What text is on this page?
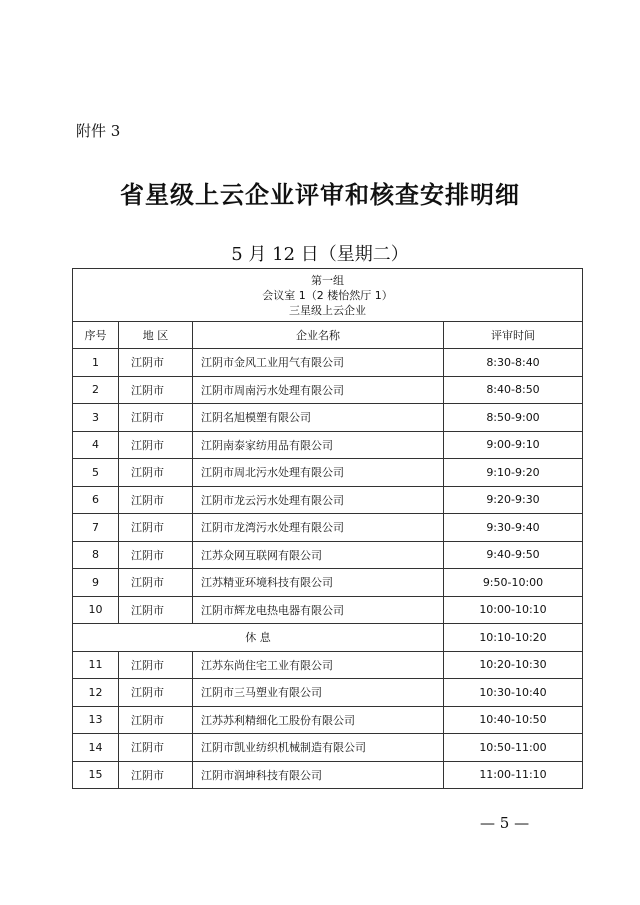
附件 3
省星级上云企业评审和核查安排明细
5 月 12 日（星期二）
第一组
会议室 1（2 楼怡然厅 1）
三星级上云企业			

序号	地 区	企业名称	评审时间
1	江阴市	江阴市金风工业用气有限公司	8:30-8:40
2	江阴市	江阴市周南污水处理有限公司	8:40-8:50
3	江阴市	江阴名旭模塑有限公司	8:50-9:00
4	江阴市	江阴南泰家纺用品有限公司	9:00-9:10
5	江阴市	江阴市周北污水处理有限公司	9:10-9:20
6	江阴市	江阴市龙云污水处理有限公司	9:20-9:30
7	江阴市	江阴市龙湾污水处理有限公司	9:30-9:40
8	江阴市	江苏众网互联网有限公司	9:40-9:50
9	江阴市	江苏精亚环境科技有限公司	9:50-10:00
10	江阴市	江阴市辉龙电热电器有限公司	10:00-10:10
休 息			10:10-10:20
11	江阴市	江苏东尚住宅工业有限公司	10:20-10:30
12	江阴市	江阴市三马塑业有限公司	10:30-10:40
13	江阴市	江苏苏利精细化工股份有限公司	10:40-10:50
14	江阴市	江阴市凯业纺织机械制造有限公司	10:50-11:00
15	江阴市	江阴市润坤科技有限公司	11:00-11:10
— 5 —
